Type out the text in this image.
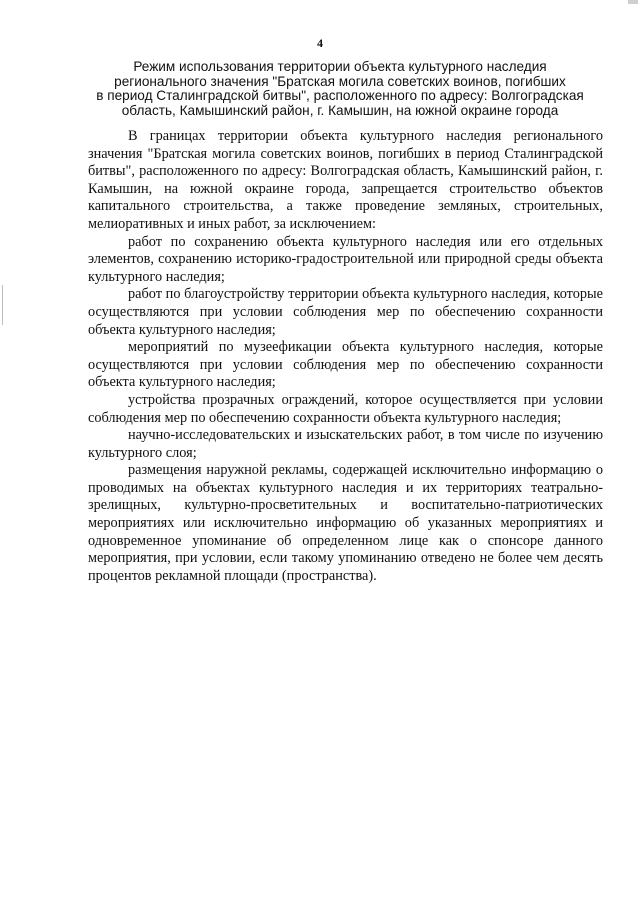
4
Режим использования территории объекта культурного наследия
регионального значения "Братская могила советских воинов, погибших
в период Сталинградской битвы", расположенного по адресу: Волгоградская
область, Камышинский район, г. Камышин, на южной окраине города

В границах территории объекта культурного наследия регионального значения "Братская могила советских воинов, погибших в период Сталинградской битвы", расположенного по адресу: Волгоградская область, Камышинский район, г. Камышин, на южной окраине города, запрещается строительство объектов капитального строительства, а также проведение земляных, строительных, мелиоративных и иных работ, за исключением:

работ по сохранению объекта культурного наследия или его отдельных элементов, сохранению историко-градостроительной или природной среды объекта культурного наследия;

работ по благоустройству территории объекта культурного наследия, которые осуществляются при условии соблюдения мер по обеспечению сохранности объекта культурного наследия;

мероприятий по музеефикации объекта культурного наследия, которые осуществляются при условии соблюдения мер по обеспечению сохранности объекта культурного наследия;

устройства прозрачных ограждений, которое осуществляется при условии соблюдения мер по обеспечению сохранности объекта культурного наследия;

научно-исследовательских и изыскательских работ, в том числе по изучению культурного слоя;

размещения наружной рекламы, содержащей исключительно информацию о проводимых на объектах культурного наследия и их территориях театрально-зрелищных, культурно-просветительных и воспитательно-патриотических мероприятиях или исключительно информацию об указанных мероприятиях и одновременное упоминание об определенном лице как о спонсоре данного мероприятия, при условии, если такому упоминанию отведено не более чем десять процентов рекламной площади (пространства).
